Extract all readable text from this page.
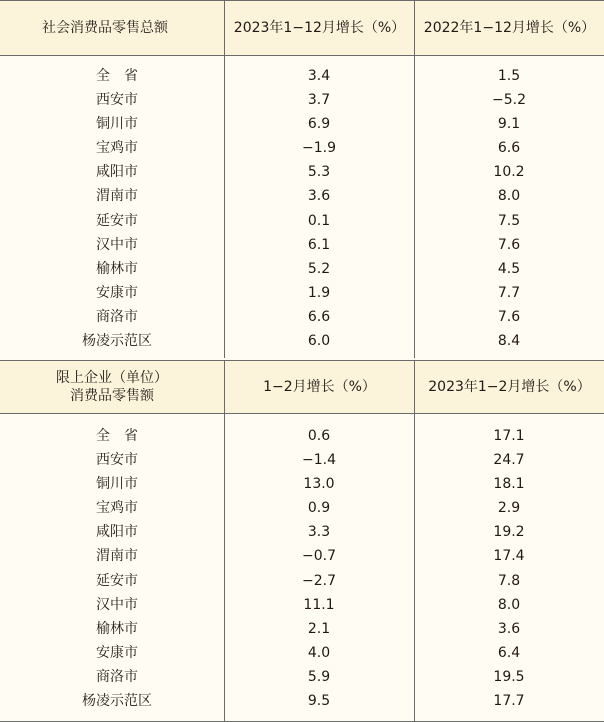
社会消费品零售总额	2023年1−12月增长（%）	2022年1−12月增长（%）
全　省	3.4	1.5
西安市	3.7	−5.2
铜川市	6.9	9.1
宝鸡市	−1.9	6.6
咸阳市	5.3	10.2
渭南市	3.6	8.0
延安市	0.1	7.5
汉中市	6.1	7.6
榆林市	5.2	4.5
安康市	1.9	7.7
商洛市	6.6	7.6
杨凌示范区	6.0	8.4
限上企业（单位）
消费品零售额
1−2月增长（%）	2023年1−2月增长（%）
全　省	0.6	17.1
西安市	−1.4	24.7
铜川市	13.0	18.1
宝鸡市	0.9	2.9
咸阳市	3.3	19.2
渭南市	−0.7	17.4
延安市	−2.7	7.8
汉中市	11.1	8.0
榆林市	2.1	3.6
安康市	4.0	6.4
商洛市	5.9	19.5
杨凌示范区	9.5	17.7
